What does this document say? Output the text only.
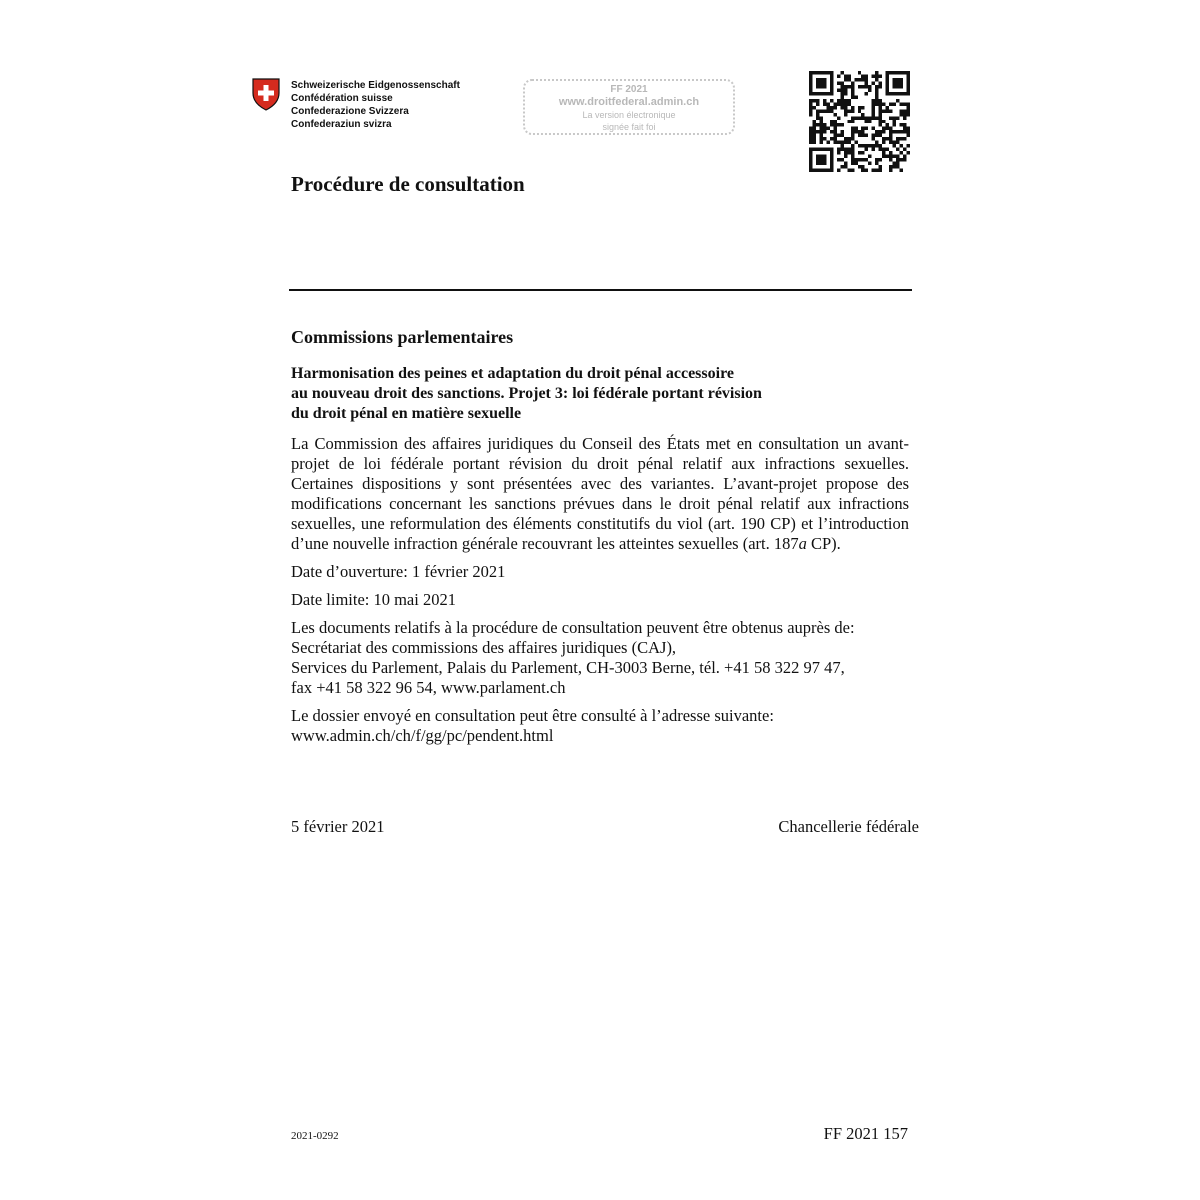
Schweizerische Eidgenossenschaft
Confédération suisse
Confederazione Svizzera
Confederaziun svizra
FF 2021
www.droitfederal.admin.ch
La version électronique
signée fait foi
Procédure de consultation
Commissions parlementaires
Harmonisation des peines et adaptation du droit pénal accessoire
au nouveau droit des sanctions. Projet 3: loi fédérale portant révision
du droit pénal en matière sexuelle

La Commission des affaires juridiques du Conseil des États met en consultation un avant-projet de loi fédérale portant révision du droit pénal relatif aux infractions sexuelles. Certaines dispositions y sont présentées avec des variantes. L’avant-projet propose des modifications concernant les sanctions prévues dans le droit pénal relatif aux infractions sexuelles, une reformulation des éléments constitutifs du viol (art. 190 CP) et l’introduction d’une nouvelle infraction générale recouvrant les atteintes sexuelles (art. 187a CP).

Date d’ouverture: 1 février 2021

Date limite: 10 mai 2021

Les documents relatifs à la procédure de consultation peuvent être obtenus auprès de:
Secrétariat des commissions des affaires juridiques (CAJ),
Services du Parlement, Palais du Parlement, CH-3003 Berne, tél. +41 58 322 97 47,
fax +41 58 322 96 54, www.parlament.ch

Le dossier envoyé en consultation peut être consulté à l’adresse suivante:
www.admin.ch/ch/f/gg/pc/pendent.html

5 février 2021	Chancellerie fédérale
2021-0292	FF 2021 157
